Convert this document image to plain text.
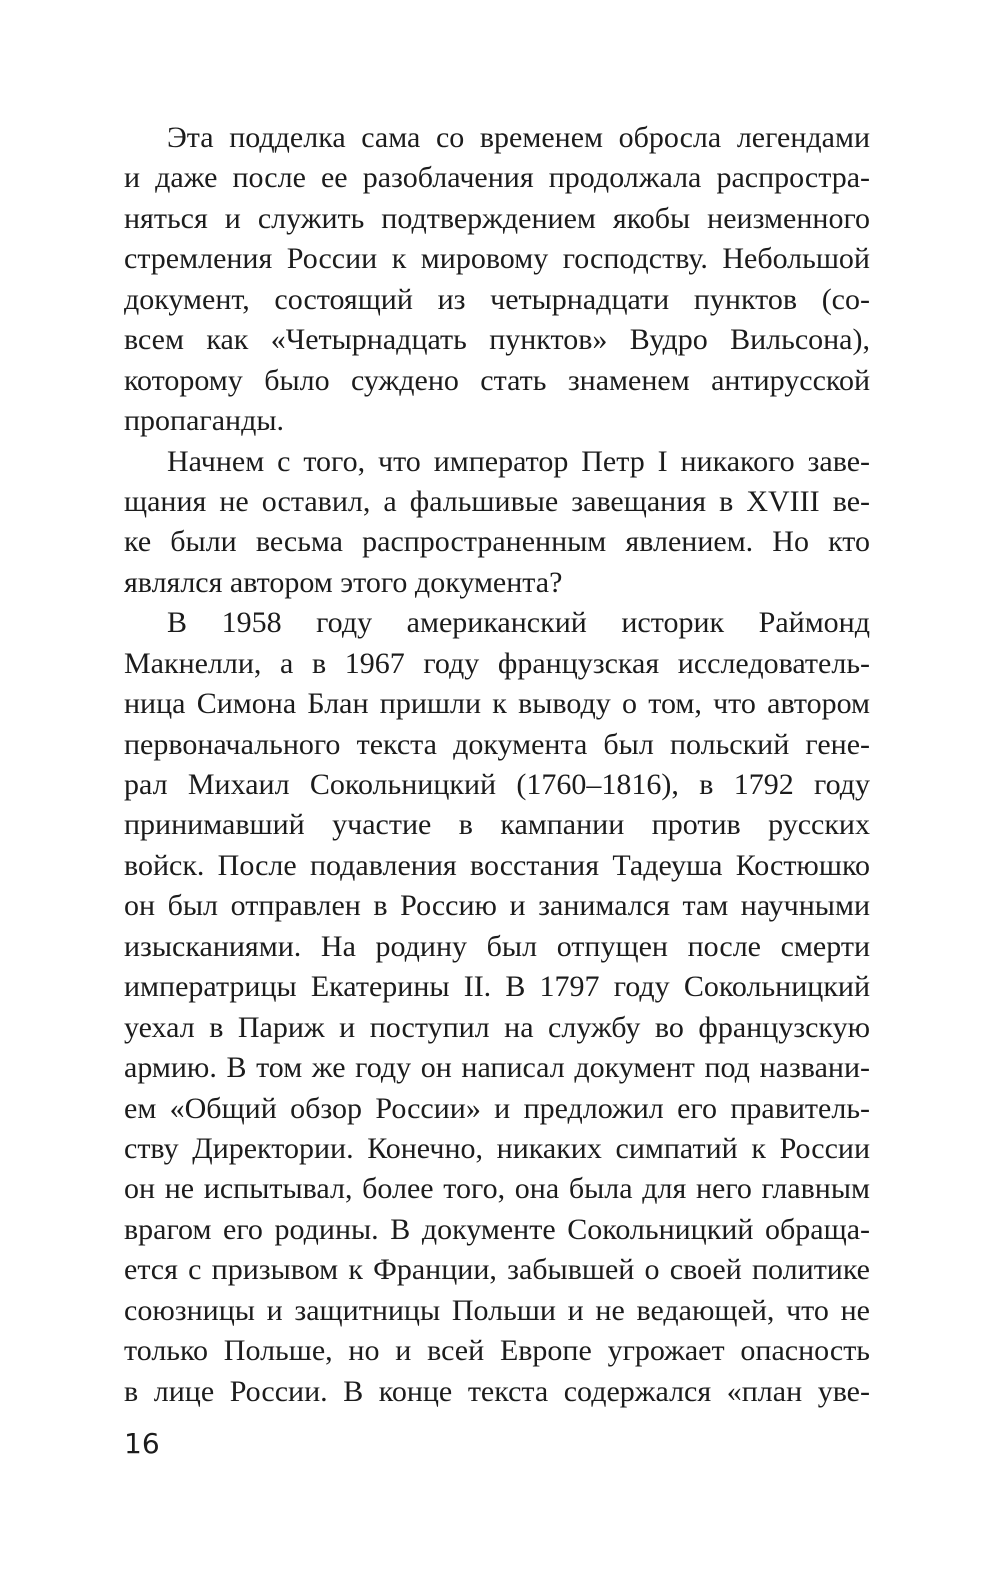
Эта подделка сама со временем обросла легендами
и даже после ее разоблачения продолжала распростра-
няться и служить подтверждением якобы неизменного
стремления России к мировому господству. Небольшой
документ, состоящий из четырнадцати пунктов (со-
всем как «Четырнадцать пунктов» Вудро Вильсона),
которому было суждено стать знаменем антирусской
пропаганды.
Начнем с того, что император Петр I никакого заве-
щания не оставил, а фальшивые завещания в XVIII ве-
ке были весьма распространенным явлением. Но кто
являлся автором этого документа?
В 1958 году американский историк Раймонд
Макнелли, а в 1967 году французская исследователь-
ница Симона Блан пришли к выводу о том, что автором
первоначального текста документа был польский гене-
рал Михаил Сокольницкий (1760–1816), в 1792 году
принимавший участие в кампании против русских
войск. После подавления восстания Тадеуша Костюшко
он был отправлен в Россию и занимался там научными
изысканиями. На родину был отпущен после смерти
императрицы Екатерины II. В 1797 году Сокольницкий
уехал в Париж и поступил на службу во французскую
армию. В том же году он написал документ под названи-
ем «Общий обзор России» и предложил его правитель-
ству Директории. Конечно, никаких симпатий к России
он не испытывал, более того, она была для него главным
врагом его родины. В документе Сокольницкий обраща-
ется с призывом к Франции, забывшей о своей политике
союзницы и защитницы Польши и не ведающей, что не
только Польше, но и всей Европе угрожает опасность
в лице России. В конце текста содержался «план уве-
16
